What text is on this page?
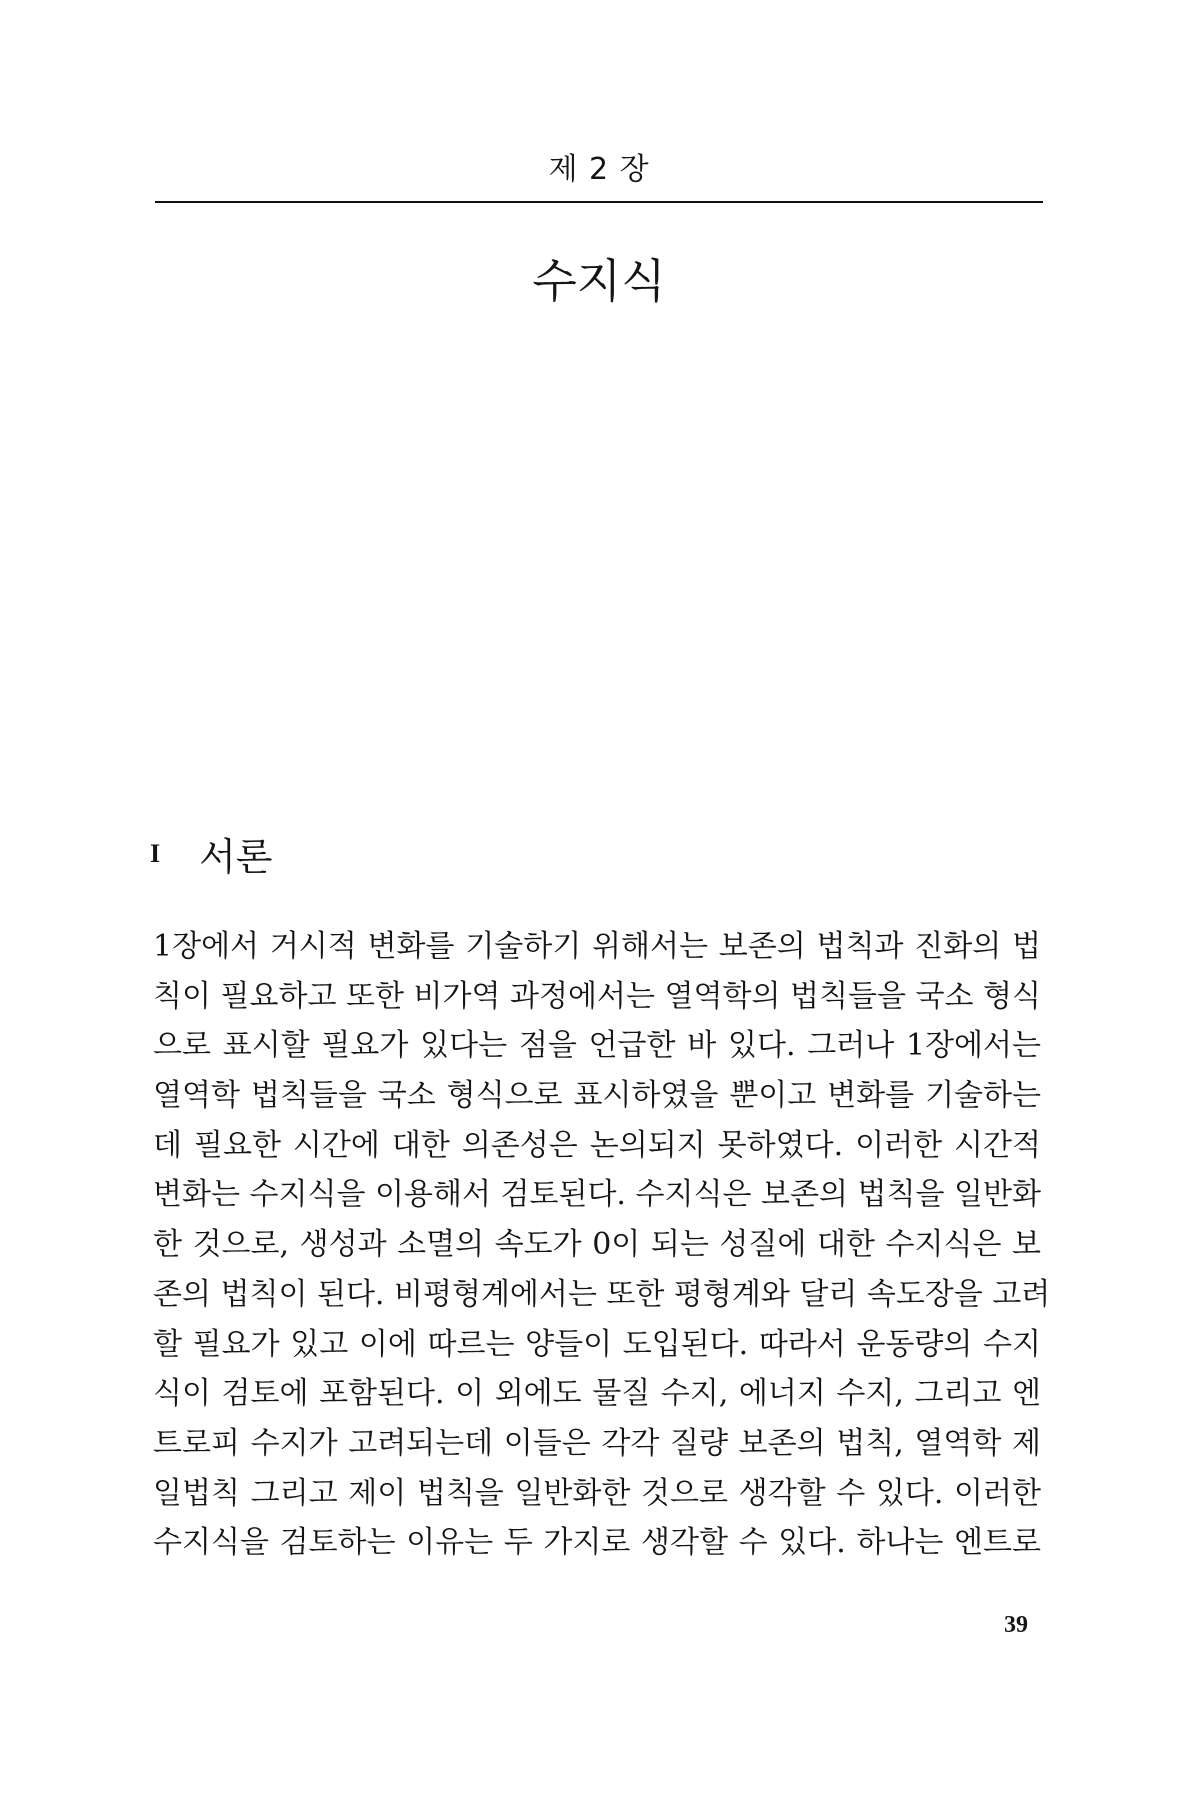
제 2 장
수지식
I 서론
1장에서 거시적 변화를 기술하기 위해서는 보존의 법칙과 진화의 법
칙이 필요하고 또한 비가역 과정에서는 열역학의 법칙들을 국소 형식
으로 표시할 필요가 있다는 점을 언급한 바 있다. 그러나 1장에서는
열역학 법칙들을 국소 형식으로 표시하였을 뿐이고 변화를 기술하는
데 필요한 시간에 대한 의존성은 논의되지 못하였다. 이러한 시간적
변화는 수지식을 이용해서 검토된다. 수지식은 보존의 법칙을 일반화
한 것으로, 생성과 소멸의 속도가 0이 되는 성질에 대한 수지식은 보
존의 법칙이 된다. 비평형계에서는 또한 평형계와 달리 속도장을 고려
할 필요가 있고 이에 따르는 양들이 도입된다. 따라서 운동량의 수지
식이 검토에 포함된다. 이 외에도 물질 수지, 에너지 수지, 그리고 엔
트로피 수지가 고려되는데 이들은 각각 질량 보존의 법칙, 열역학 제
일법칙 그리고 제이 법칙을 일반화한 것으로 생각할 수 있다. 이러한
수지식을 검토하는 이유는 두 가지로 생각할 수 있다. 하나는 엔트로
39
